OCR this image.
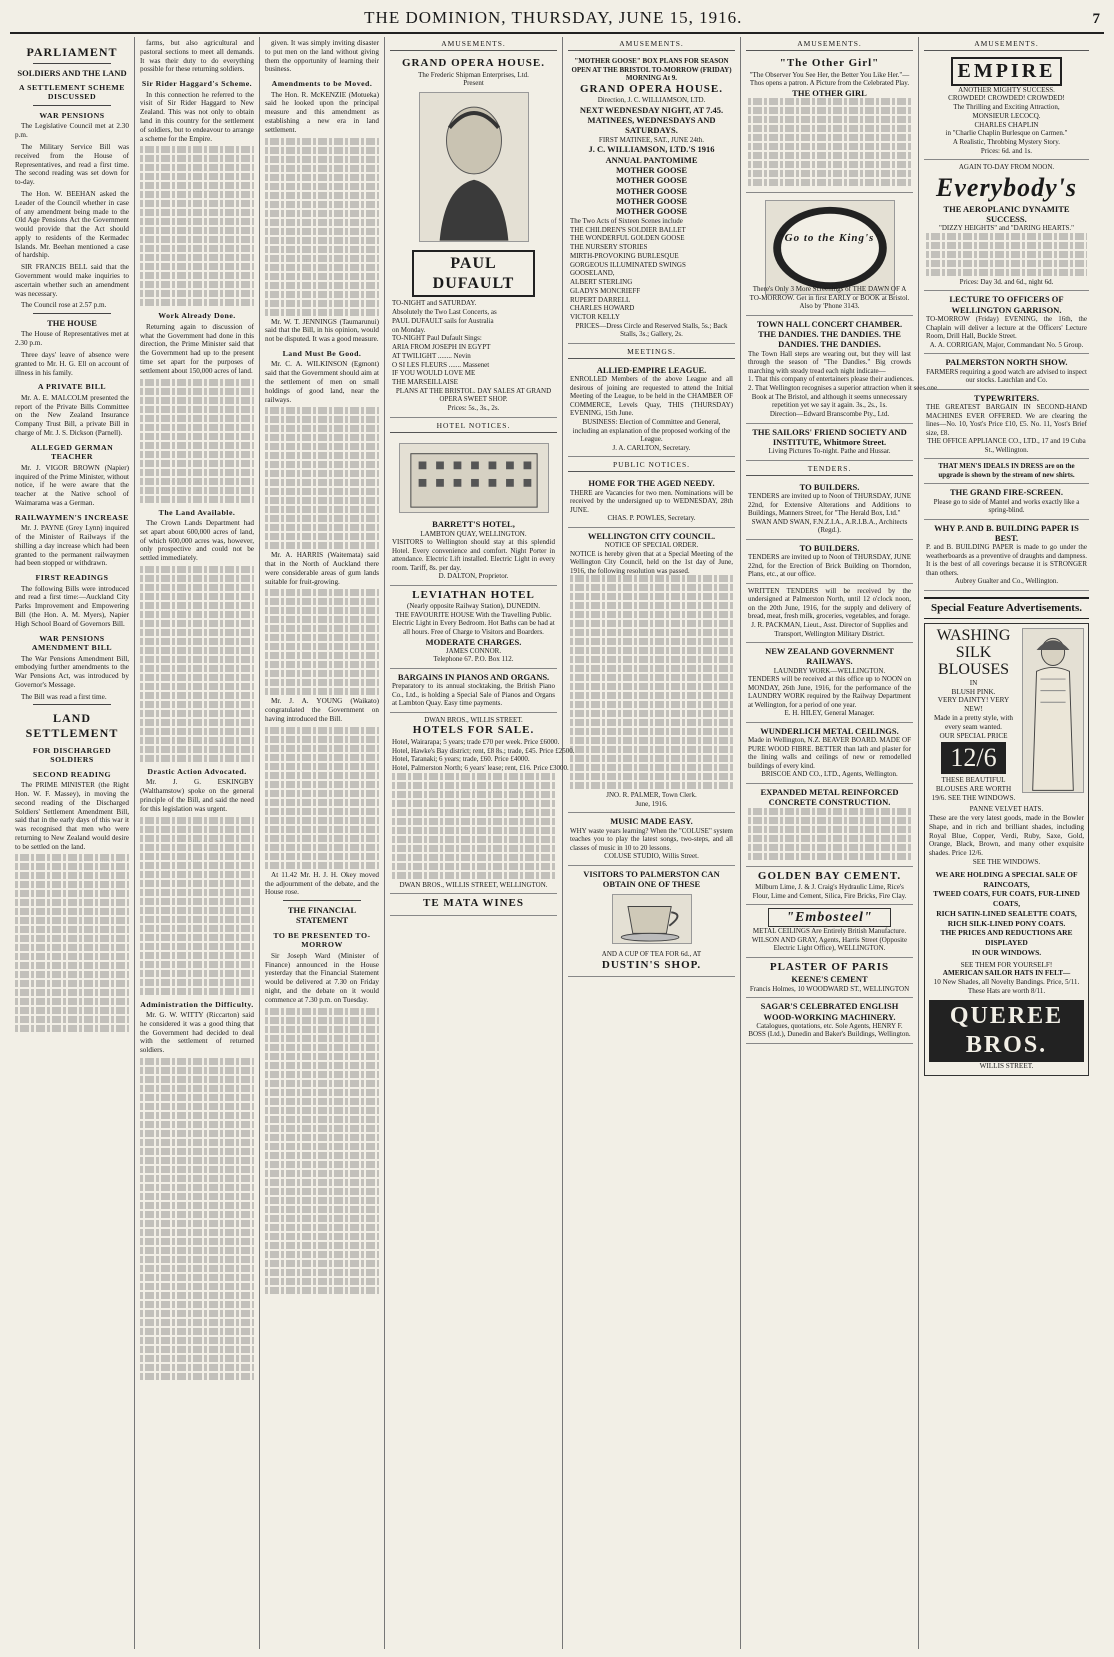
THE DOMINION, THURSDAY, JUNE 15, 1916.	7
PARLIAMENT
SOLDIERS AND THE LAND
A SETTLEMENT SCHEME DISCUSSED
WAR PENSIONS

The Legislative Council met at 2.30 p.m.

The Military Service Bill was received from the House of Representatives, and read a first time. The second reading was set down for to-day.

The Hon. W. BEEHAN asked the Leader of the Council whether in case of any amendment being made to the Old Age Pensions Act the Government would provide that the Act should apply to residents of the Kermadec Islands. Mr. Beehan mentioned a case of hardship.

SIR FRANCIS BELL said that the Government would make inquiries to ascertain whether such an amendment was necessary.

The Council rose at 2.57 p.m.

THE HOUSE

The House of Representatives met at 2.30 p.m.

Three days' leave of absence were granted to Mr. H. G. Ell on account of illness in his family.

A PRIVATE BILL

Mr. A. E. MALCOLM presented the report of the Private Bills Committee on the New Zealand Insurance Company Trust Bill, a private Bill in charge of Mr. J. S. Dickson (Parnell).

ALLEGED GERMAN TEACHER

Mr. J. VIGOR BROWN (Napier) inquired of the Prime Minister, without notice, if he were aware that the teacher at the Native school of Waimarama was a German.

RAILWAYMEN'S INCREASE

Mr. J. PAYNE (Grey Lynn) inquired of the Minister of Railways if the shilling a day increase which had been granted to the permanent railwaymen had been stopped or withdrawn.

FIRST READINGS

The following Bills were introduced and read a first time:—Auckland City Parks Improvement and Empowering Bill (the Hon. A. M. Myers), Napier High School Board of Governors Bill.

WAR PENSIONS AMENDMENT BILL

The War Pensions Amendment Bill, embodying further amendments to the War Pensions Act, was introduced by Governor's Message.

The Bill was read a first time.

LAND SETTLEMENT
FOR DISCHARGED SOLDIERS
SECOND READING

The PRIME MINISTER (the Right Hon. W. F. Massey), in moving the second reading of the Discharged Soldiers' Settlement Amendment Bill, said that in the early days of this war it was recognised that men who were returning to New Zealand would desire to be settled on the land.

farms, but also agricultural and pastoral sections to meet all demands. It was their duty to do everything possible for these returning soldiers.

Sir Rider Haggard's Scheme.

In this connection he referred to the visit of Sir Rider Haggard to New Zealand. This was not only to obtain land in this country for the settlement of soldiers, but to endeavour to arrange a scheme for the Empire.

Work Already Done.

Returning again to discussion of what the Government had done in this direction, the Prime Minister said that the Government had up to the present time set apart for the purposes of settlement about 150,000 acres of land.

The Land Available.

The Crown Lands Department had set apart about 600,000 acres of land, of which 600,000 acres was, however, only prospective and could not be settled immediately.

Drastic Action Advocated.

Mr. J. G. ESKINGBY (Walthamstow) spoke on the general principle of the Bill, and said the need for this legislation was urgent.

Administration the Difficulty.

Mr. G. W. WITTY (Riccarton) said he considered it was a good thing that the Government had decided to deal with the settlement of returned soldiers.

given. It was simply inviting disaster to put men on the land without giving them the opportunity of learning their business.

Amendments to be Moved.

The Hon. R. McKENZIE (Motueka) said he looked upon the principal measure and this amendment as establishing a new era in land settlement.

Mr. W. T. JENNINGS (Taumarunui) said that the Bill, in his opinion, would not be disputed. It was a good measure.

Land Must Be Good.

Mr. C. A. WILKINSON (Egmont) said that the Government should aim at the settlement of men on small holdings of good land, near the railways.

Mr. A. HARRIS (Waitemata) said that in the North of Auckland there were considerable areas of gum lands suitable for fruit-growing.

Mr. J. A. YOUNG (Waikato) congratulated the Government on having introduced the Bill.

At 11.42 Mr. H. J. H. Okey moved the adjournment of the debate, and the House rose.

THE FINANCIAL STATEMENT
TO BE PRESENTED TO-MORROW

Sir Joseph Ward (Minister of Finance) announced in the House yesterday that the Financial Statement would be delivered at 7.30 on Friday night, and the debate on it would commence at 7.30 p.m. on Tuesday.

AMUSEMENTS.
GRAND OPERA HOUSE.
The Frederic Shipman Enterprises, Ltd.
Present
PAUL DUFAULT
TO-NIGHT and SATURDAY.
Absolutely the Two Last Concerts, as
PAUL DUFAULT sails for Australia
on Monday.
TO-NIGHT Paul Dufault Sings:
ARIA FROM JOSEPH IN EGYPT
AT TWILIGHT ........ Nevin
O SI LES FLEURS ....... Massenet
IF YOU WOULD LOVE ME
THE MARSEILLAISE
PLANS AT THE BRISTOL. DAY SALES AT GRAND OPERA SWEET SHOP.
Prices: 5s., 3s., 2s.
HOTEL NOTICES.
BARRETT'S HOTEL,
LAMBTON QUAY, WELLINGTON.
VISITORS to Wellington should stay at this splendid Hotel. Every convenience and comfort. Night Porter in attendance. Electric Lift installed. Electric Light in every room. Tariff, 8s. per day.
D. DALTON, Proprietor.
LEVIATHAN HOTEL
(Nearly opposite Railway Station), DUNEDIN.
THE FAVOURITE HOUSE With the Travelling Public. Electric Light in Every Bedroom. Hot Baths can be had at all hours. Free of Charge to Visitors and Boarders.
MODERATE CHARGES.
JAMES CONNOR.
Telephone 67. P.O. Box 112.
BARGAINS IN PIANOS AND ORGANS.
Preparatory to its annual stocktaking, the British Piano Co., Ltd., is holding a Special Sale of Pianos and Organs at Lambton Quay. Easy time payments.
DWAN BROS., WILLIS STREET.
HOTELS FOR SALE.
Hotel, Wairarapa; 5 years; trade £70 per week. Price £6000.
Hotel, Hawke's Bay district; rent, £8 8s.; trade, £45. Price £2500.
Hotel, Taranaki; 6 years; trade, £60. Price £4000.
Hotel, Palmerston North; 6 years' lease; rent, £16. Price £3000.
DWAN BROS., WILLIS STREET, WELLINGTON.
TE MATA WINES
AMUSEMENTS.
"MOTHER GOOSE" BOX PLANS FOR SEASON OPEN AT THE BRISTOL TO-MORROW (FRIDAY) MORNING At 9.
GRAND OPERA HOUSE.
Direction, J. C. WILLIAMSON, LTD.
NEXT WEDNESDAY NIGHT, AT 7.45. MATINEES, WEDNESDAYS AND SATURDAYS.
FIRST MATINEE, SAT., JUNE 24th.
J. C. WILLIAMSON, LTD.'S 1916 ANNUAL PANTOMIME
MOTHER GOOSE
MOTHER GOOSE
MOTHER GOOSE
MOTHER GOOSE
MOTHER GOOSE
The Two Acts of Sixteen Scenes include
THE CHILDREN'S SOLDIER BALLET
THE WONDERFUL GOLDEN GOOSE
THE NURSERY STORIES
MIRTH-PROVOKING BURLESQUE
GORGEOUS ILLUMINATED SWINGS
GOOSELAND,
ALBERT STERLING
GLADYS MONCRIEFF
RUPERT DARRELL
CHARLES HOWARD
VICTOR KELLY
PRICES—Dress Circle and Reserved Stalls, 5s.; Back Stalls, 3s.; Gallery, 2s.
MEETINGS.
ALLIED-EMPIRE LEAGUE.
ENROLLED Members of the above League and all desirous of joining are requested to attend the Initial Meeting of the League, to be held in the CHAMBER OF COMMERCE, Levels Quay, THIS (THURSDAY) EVENING, 15th June.
BUSINESS: Election of Committee and General, including an explanation of the proposed working of the League.
J. A. CARLTON, Secretary.
PUBLIC NOTICES.
HOME FOR THE AGED NEEDY.
THERE are Vacancies for two men. Nominations will be received by the undersigned up to WEDNESDAY, 28th JUNE.
CHAS. P. POWLES, Secretary.
WELLINGTON CITY COUNCIL.
NOTICE OF SPECIAL ORDER.
NOTICE is hereby given that at a Special Meeting of the Wellington City Council, held on the 1st day of June, 1916, the following resolution was passed.
JNO. R. PALMER, Town Clerk.
June, 1916.
MUSIC MADE EASY.
WHY waste years learning? When the "COLUSE" system teaches you to play the latest songs, two-steps, and all classes of music in 10 to 20 lessons.
COLUSE STUDIO, Willis Street.
VISITORS TO PALMERSTON CAN OBTAIN ONE OF THESE
AND A CUP OF TEA FOR 6d., AT
DUSTIN'S SHOP.
AMUSEMENTS.
"The Other Girl"
"The Observer You See Her, the Better You Like Her."—Thos opens a patron. A Picture from the Celebrated Play.
THE OTHER GIRL
"Go to the King's"
There's Only 3 More Screenings of THE DAWN OF A TO-MORROW. Get in first EARLY or BOOK at Bristol.
Also by 'Phone 3143.
TOWN HALL CONCERT CHAMBER.
THE DANDIES. THE DANDIES. THE DANDIES. THE DANDIES.
The Town Hall steps are wearing out, but they will last through the season of "The Dandies." Big crowds marching with steady tread each night indicate—
1. That this company of entertainers please their audiences.
2. That Wellington recognises a superior attraction when it sees one.
Book at The Bristol, and although it seems unnecessary repetition yet we say it again. 3s., 2s., 1s.
Direction—Edward Branscombe Pty., Ltd.
THE SAILORS' FRIEND SOCIETY AND INSTITUTE, Whitmore Street.
Living Pictures To-night. Pathe and Hussar.
TENDERS.
TO BUILDERS.
TENDERS are invited up to Noon of THURSDAY, JUNE 22nd, for Extensive Alterations and Additions to Buildings, Manners Street, for "The Herald Box, Ltd."
SWAN AND SWAN, F.N.Z.I.A., A.R.I.B.A., Architects (Regd.).
TO BUILDERS.
TENDERS are invited up to Noon of THURSDAY, JUNE 22nd, for the Erection of Brick Building on Thorndon, Plans, etc., at our office.
WRITTEN TENDERS will be received by the undersigned at Palmerston North, until 12 o'clock noon, on the 20th June, 1916, for the supply and delivery of bread, meat, fresh milk, groceries, vegetables, and forage.
J. R. PACKMAN, Lieut., Asst. Director of Supplies and Transport, Wellington Military District.
NEW ZEALAND GOVERNMENT RAILWAYS.
LAUNDRY WORK—WELLINGTON.
TENDERS will be received at this office up to NOON on MONDAY, 26th June, 1916, for the performance of the LAUNDRY WORK required by the Railway Department at Wellington, for a period of one year.
E. H. HILEY, General Manager.
WUNDERLICH METAL CEILINGS.
Made in Wellington, N.Z. BEAVER BOARD. MADE OF PURE WOOD FIBRE. BETTER than lath and plaster for the lining walls and ceilings of new or remodelled buildings of every kind.
BRISCOE AND CO., LTD., Agents, Wellington.
EXPANDED METAL REINFORCED CONCRETE CONSTRUCTION.
GOLDEN BAY CEMENT.
Milburn Lime, J. & J. Craig's Hydraulic Lime, Rice's Flour, Lime and Cement, Silica, Fire Bricks, Fire Clay.
"Embosteel"
METAL CEILINGS Are Entirely British Manufacture. WILSON AND GRAY, Agents, Harris Street (Opposite Electric Light Office), WELLINGTON.
PLASTER OF PARIS
KEENE'S CEMENT
Francis Holmes, 10 WOODWARD ST., WELLINGTON
SAGAR'S CELEBRATED ENGLISH WOOD-WORKING MACHINERY.
Catalogues, quotations, etc. Sole Agents, HENRY F. BOSS (Ltd.), Dunedin and Baker's Buildings, Wellington.
AMUSEMENTS.
EMPIRE
ANOTHER MIGHTY SUCCESS.
CROWDED! CROWDED! CROWDED!
The Thrilling and Exciting Attraction,
MONSIEUR LECOCQ.
CHARLES CHAPLIN
in "Charlie Chaplin Burlesque on Carmen."
A Realistic, Throbbing Mystery Story.
Prices: 6d. and 1s.
AGAIN TO-DAY FROM NOON.
Everybody's
THE AEROPLANIC DYNAMITE SUCCESS.
"DIZZY HEIGHTS" and "DARING HEARTS."
Prices: Day 3d. and 6d., night 6d.
LECTURE TO OFFICERS OF WELLINGTON GARRISON.
TO-MORROW (Friday) EVENING, the 16th, the Chaplain will deliver a lecture at the Officers' Lecture Room, Drill Hall, Buckle Street.
A. A. CORRIGAN, Major, Commandant No. 5 Group.
PALMERSTON NORTH SHOW.
FARMERS requiring a good watch are advised to inspect our stocks. Lauchlan and Co.
TYPEWRITERS.
THE GREATEST BARGAIN IN SECOND-HAND MACHINES EVER OFFERED. We are clearing the lines—No. 10, Yost's Price £10, £5. No. 11, Yost's Brief size, £8.
THE OFFICE APPLIANCE CO., LTD., 17 and 19 Cuba St., Wellington.
THAT MEN'S IDEALS IN DRESS are on the upgrade is shown by the stream of new shirts.
THE GRAND FIRE-SCREEN.
Please go to side of Mantel and works exactly like a spring-blind.
WHY P. AND B. BUILDING PAPER IS BEST.
P. and B. BUILDING PAPER is made to go under the weatherboards as a preventive of draughts and dampness. It is the best of all coverings because it is STRONGER than others.
Aubrey Gualter and Co., Wellington.
Special Feature Advertisements.
WASHING SILK BLOUSES
IN
BLUSH PINK.
VERY DAINTY! VERY NEW!
Made in a pretty style, with every seam wanted.
OUR SPECIAL PRICE
12/6
THESE BEAUTIFUL BLOUSES ARE WORTH 19/6. SEE THE WINDOWS.
PANNE VELVET HATS.
These are the very latest goods, made in the Bowler Shape, and in rich and brilliant shades, including Royal Blue, Copper, Verdi, Ruby, Saxe, Gold, Orange, Black, Brown, and many other exquisite shades. Price 12/6.
SEE THE WINDOWS.
WE ARE HOLDING A SPECIAL SALE OF RAINCOATS,
TWEED COATS, FUR COATS, FUR-LINED COATS,
RICH SATIN-LINED SEALETTE COATS,
RICH SILK-LINED PONY COATS.
THE PRICES AND REDUCTIONS ARE DISPLAYED
IN OUR WINDOWS.
SEE THEM FOR YOURSELF!
AMERICAN SAILOR HATS IN FELT—
10 New Shades, all Novelty Bandings. Price, 5/11.
These Hats are worth 8/11.
QUEREE BROS.
WILLIS STREET.
